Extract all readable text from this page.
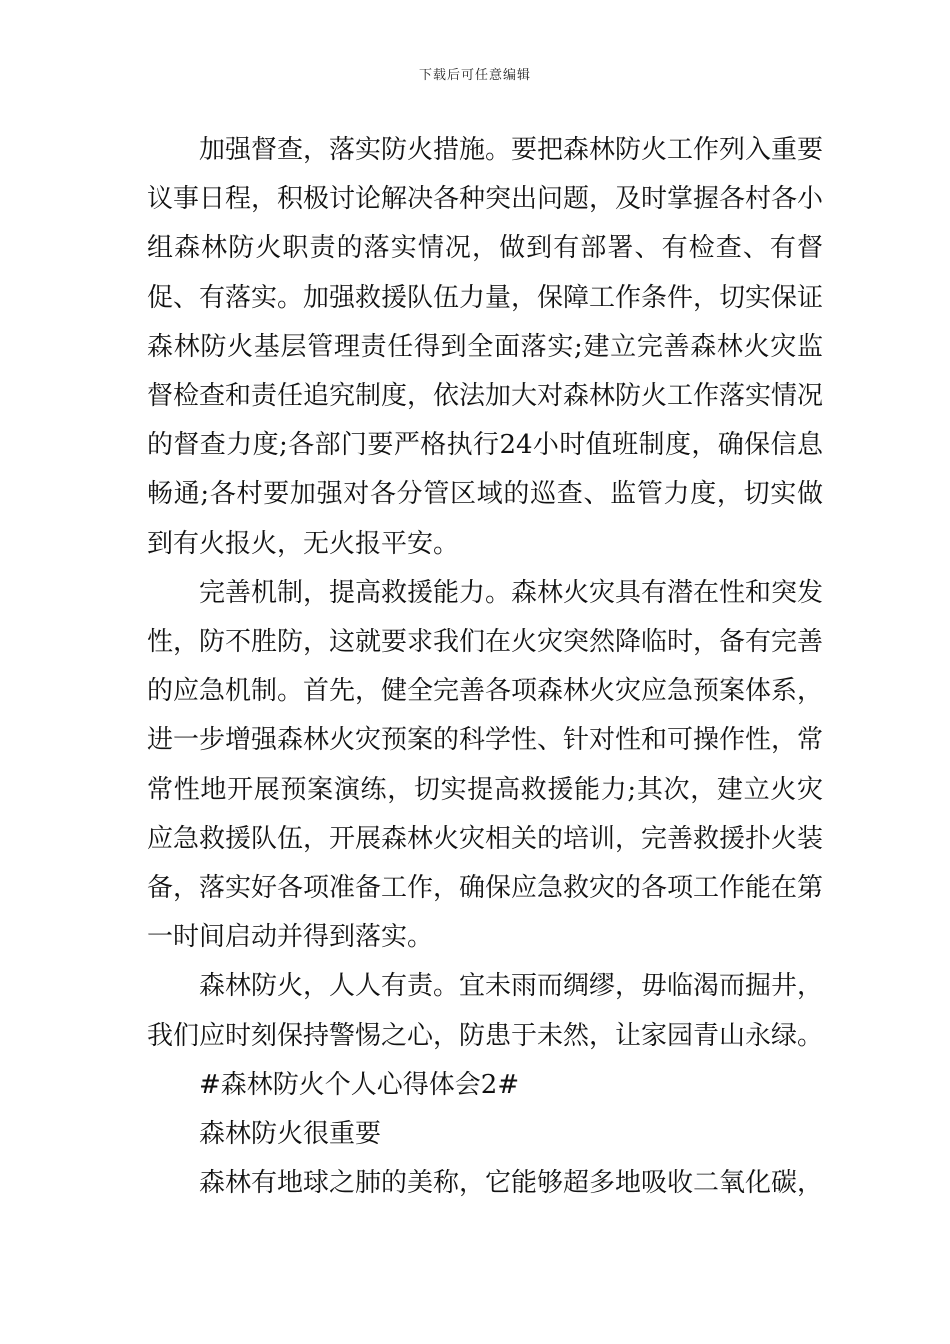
下载后可任意编辑

加强督查，落实防火措施。要把森林防火工作列入重要议事日程，积极讨论解决各种突出问题，及时掌握各村各小组森林防火职责的落实情况，做到有部署、有检查、有督促、有落实。加强救援队伍力量，保障工作条件，切实保证森林防火基层管理责任得到全面落实;建立完善森林火灾监督检查和责任追究制度，依法加大对森林防火工作落实情况的督查力度;各部门要严格执行24小时值班制度，确保信息畅通;各村要加强对各分管区域的巡查、监管力度，切实做到有火报火，无火报平安。

完善机制，提高救援能力。森林火灾具有潜在性和突发性，防不胜防，这就要求我们在火灾突然降临时，备有完善的应急机制。首先，健全完善各项森林火灾应急预案体系，进一步增强森林火灾预案的科学性、针对性和可操作性，常常性地开展预案演练，切实提高救援能力;其次，建立火灾应急救援队伍，开展森林火灾相关的培训，完善救援扑火装备，落实好各项准备工作，确保应急救灾的各项工作能在第一时间启动并得到落实。

森林防火，人人有责。宜未雨而绸缪，毋临渴而掘井，我们应时刻保持警惕之心，防患于未然，让家园青山永绿。

#森林防火个人心得体会2#

森林防火很重要

森林有地球之肺的美称，它能够超多地吸收二氧化碳，
